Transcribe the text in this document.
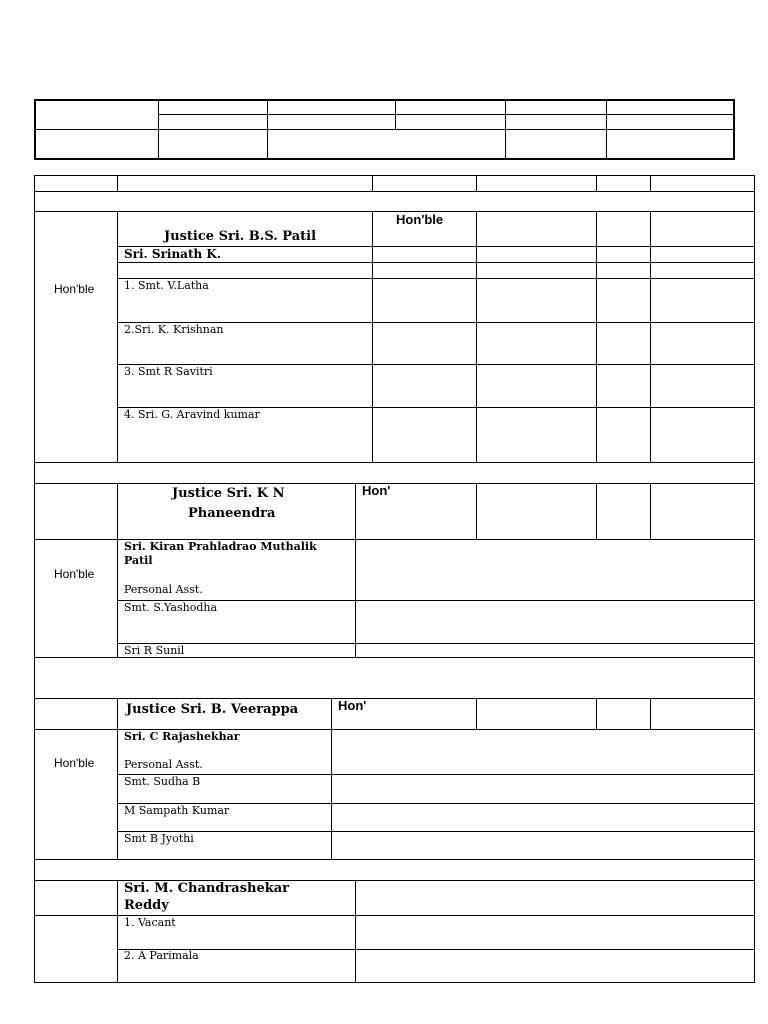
Hon'ble
Justice Sri. B.S. Patil
Hon'ble
Sri. Srinath K.
1. Smt. V.Latha
2.Sri. K. Krishnan
3. Smt R Savitri
4. Sri. G. Aravind kumar
Hon'ble
Justice Sri. K N
Phaneendra
Hon'
Sri. Kiran Prahladrao Muthalik
Patil
Personal Asst.
Smt. S.Yashodha
Sri R Sunil
Hon'ble
Justice Sri. B. Veerappa	Hon'
Sri. C Rajashekhar
Personal Asst.
Smt. Sudha B
M Sampath Kumar
Smt B Jyothi
Sri. M. Chandrashekar
Reddy
1. Vacant
2. A Parimala
